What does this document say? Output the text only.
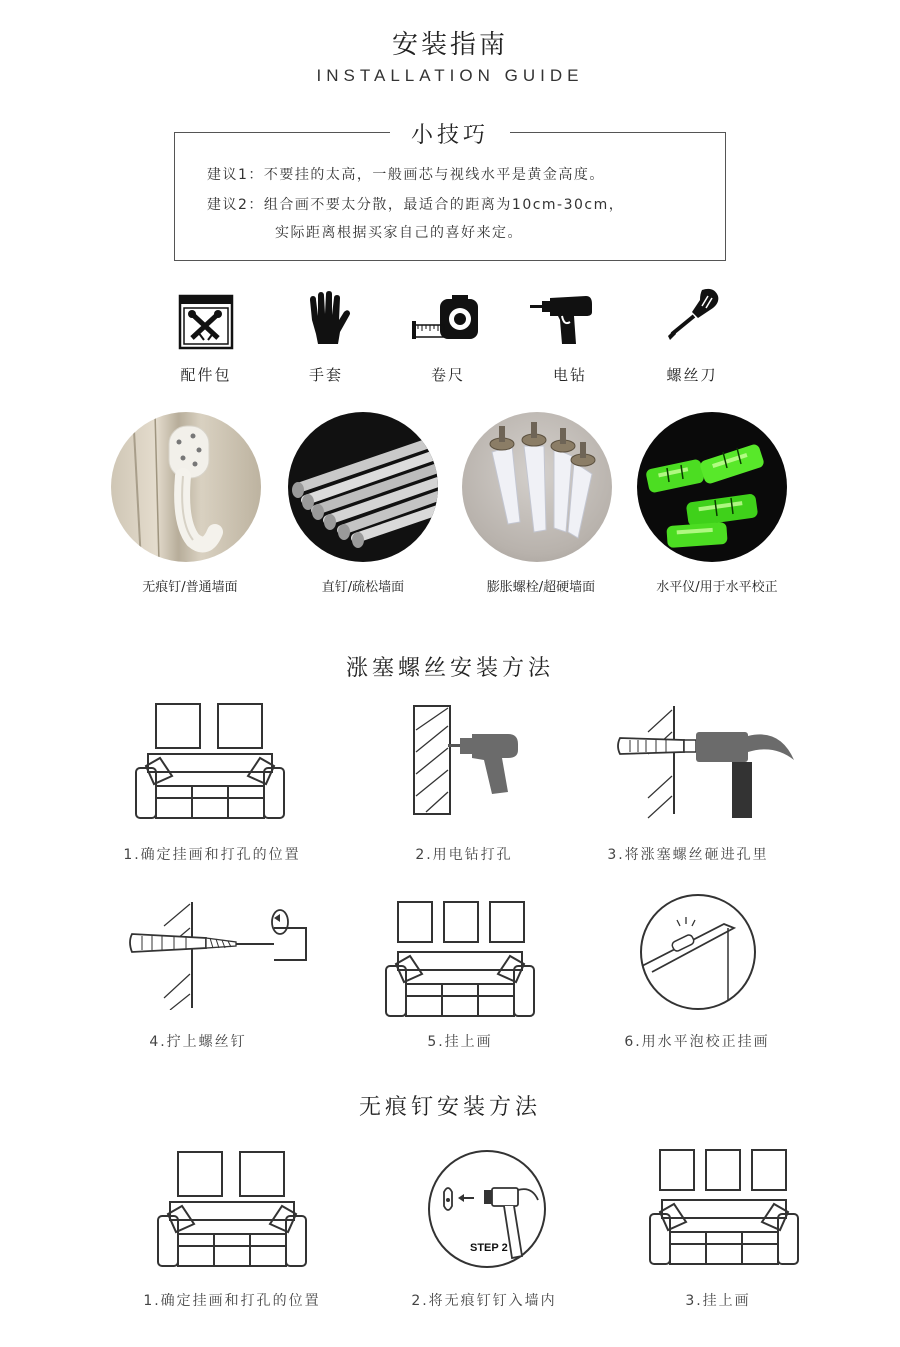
安装指南
INSTALLATION GUIDE
小技巧
建议1：不要挂的太高，一般画芯与视线水平是黄金高度。
建议2：组合画不要太分散，最适合的距离为10cm-30cm，
实际距离根据买家自己的喜好来定。
配件包	手套	卷尺	电钻	螺丝刀
无痕钉/普通墙面	直钉/疏松墙面	膨胀螺栓/超硬墙面	水平仪/用于水平校正
涨塞螺丝安装方法
1.确定挂画和打孔的位置	2.用电钻打孔	3.将涨塞螺丝砸进孔里
4.拧上螺丝钉	5.挂上画	6.用水平泡校正挂画
无痕钉安装方法
1.确定挂画和打孔的位置
STEP 2
2.将无痕钉钉入墙内	3.挂上画
